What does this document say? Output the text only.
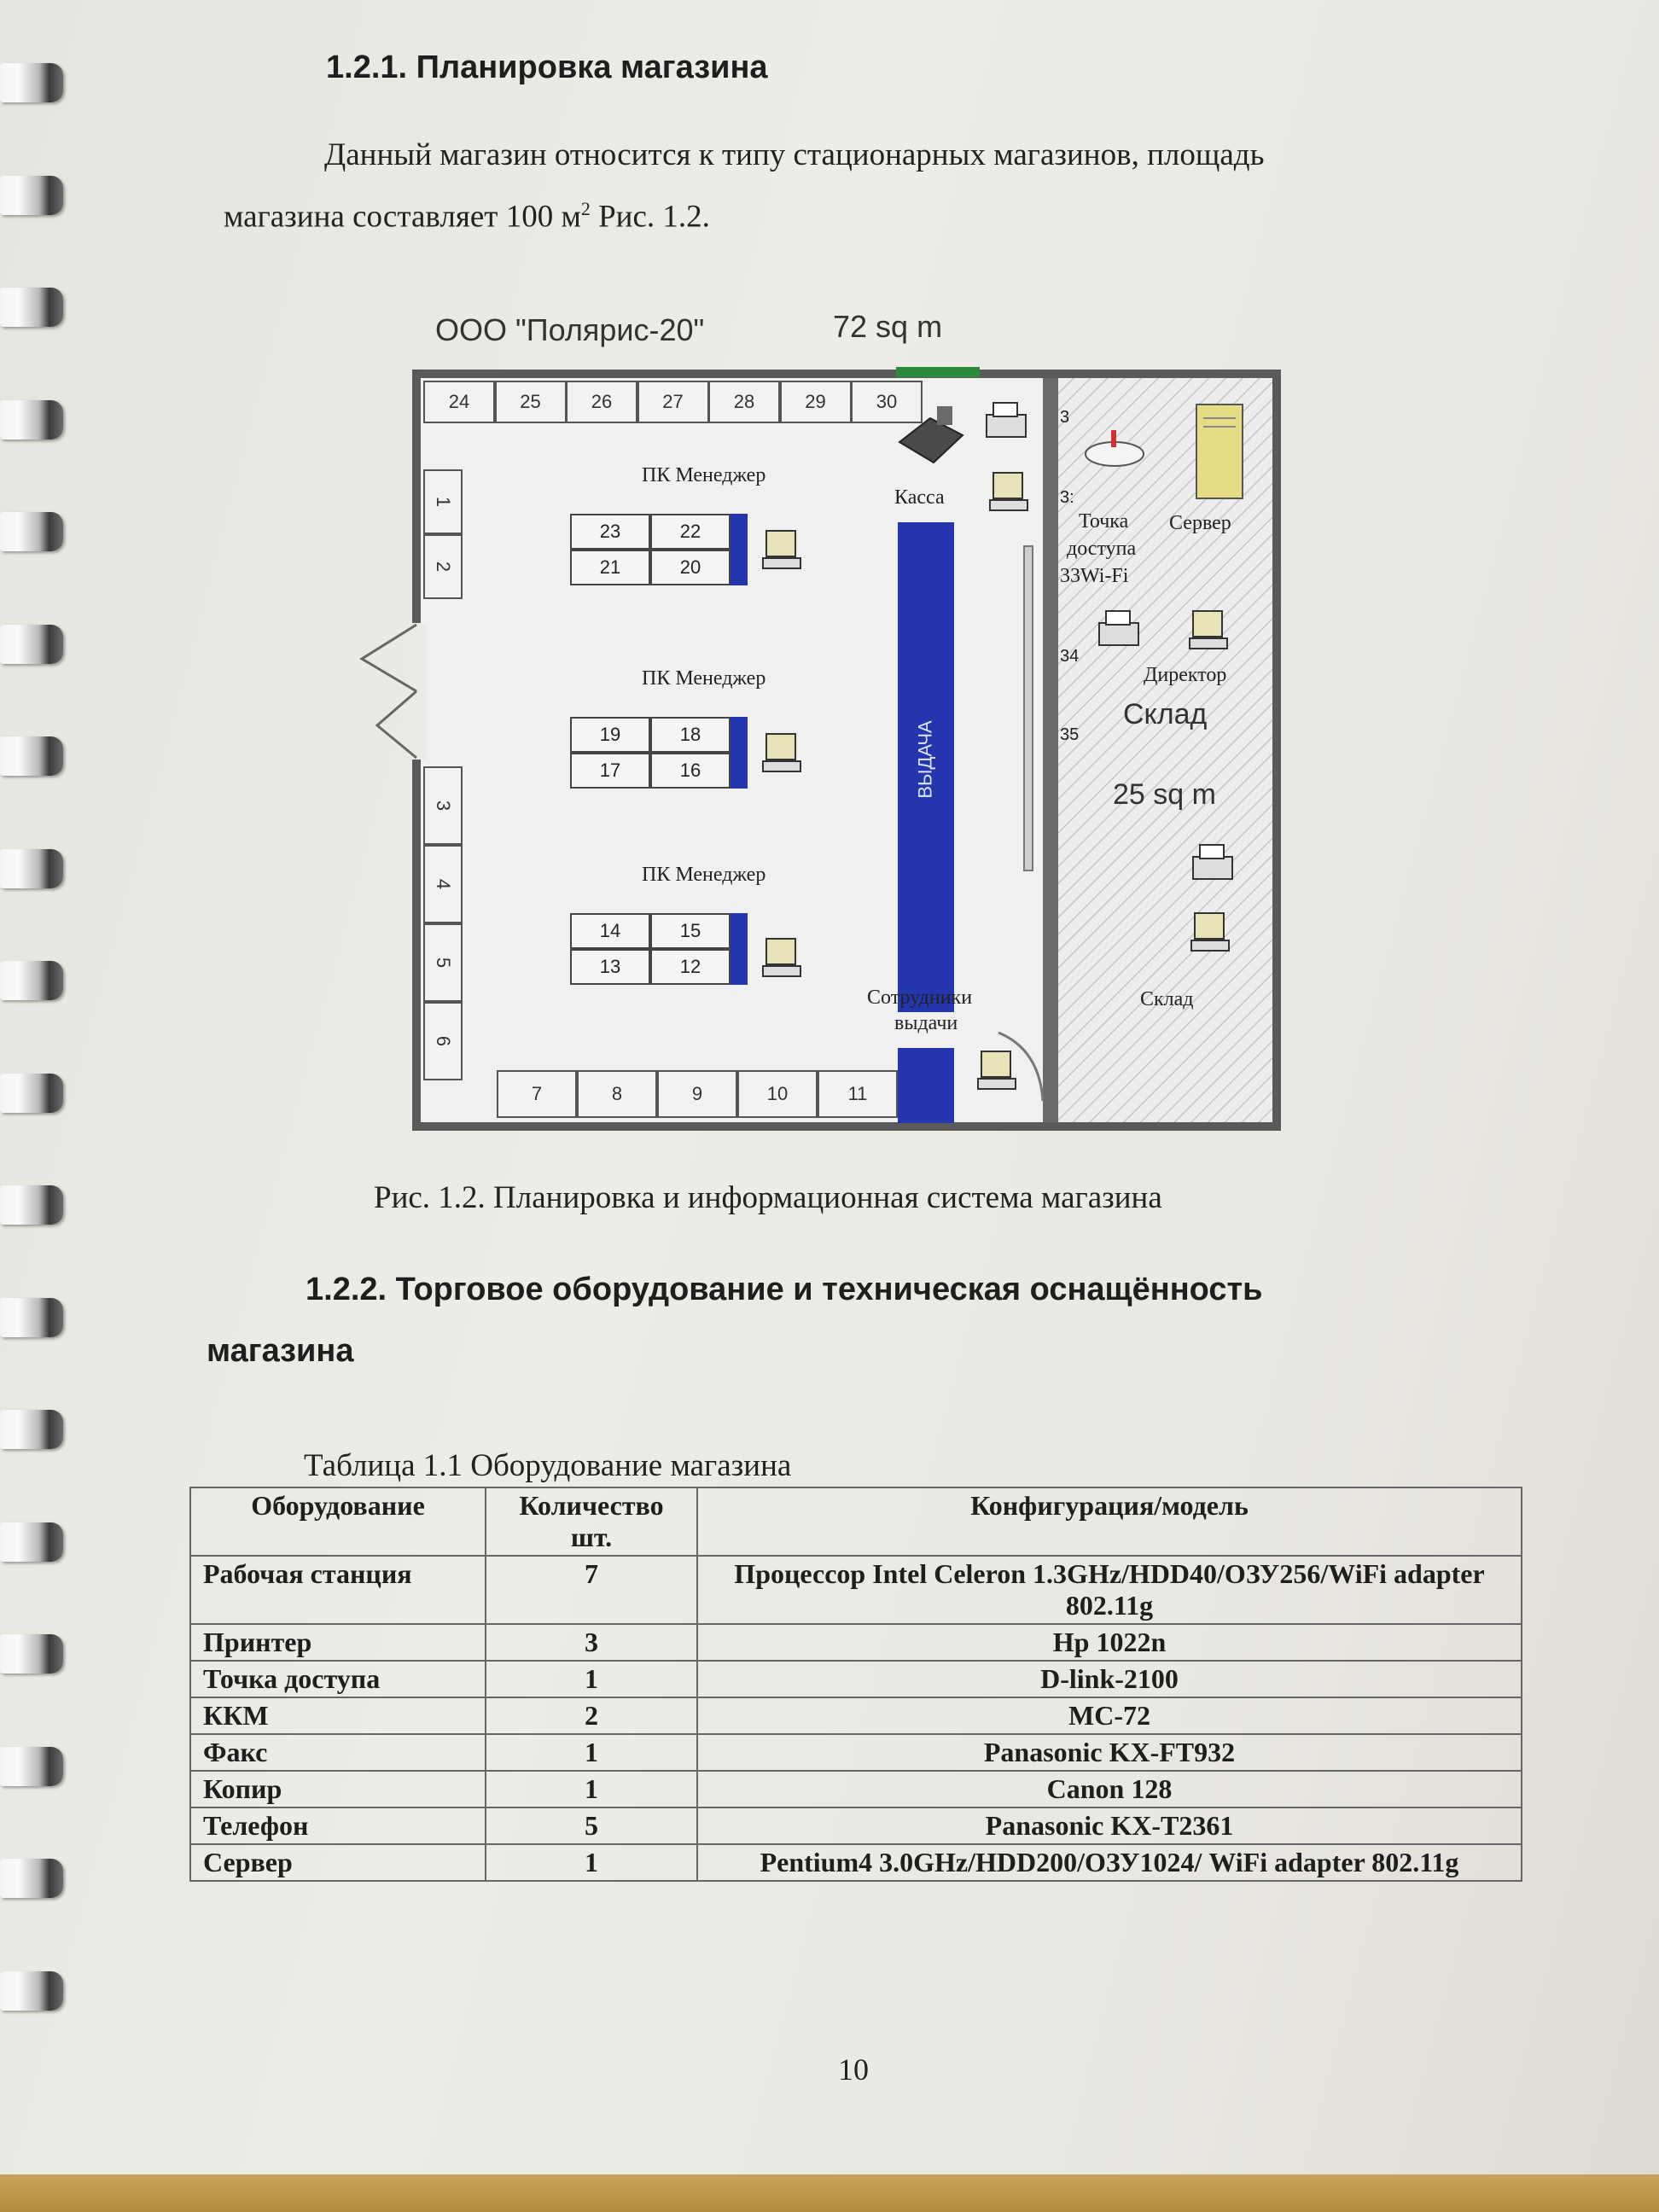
1.2.1. Планировка магазина
Данный магазин относится к типу стационарных магазинов, площадь
магазина составляет 100 $м^2$ Рис. 1.2.
ООО "Полярис-20"	72 sq m
24	25	26	27	28	29	30
1
2
3
4
5
6
7	8	9	10	11
ПК Менеджер
23	22
21	20
ПК Менеджер
19	18
17	16
ПК Менеджер
14	15
13	12
Касса
ВЫДАЧА
Сотрудники
выдачи
3
3:
34
35
Точка
доступа
33Wi-Fi
Сервер
Директор
Склад
25 sq m
Склад
Рис. 1.2. Планировка и информационная система магазина
1.2.2. Торговое оборудование и техническая оснащённость
магазина
Таблица 1.1 Оборудование магазина
Оборудование	Количество шт.	Конфигурация/модель
Рабочая станция	7	Процессор Intel Celeron 1.3GHz/HDD40/ОЗУ256/WiFi adapter 802.11g
Принтер	3	Hp 1022n
Точка доступа	1	D-link-2100
ККМ	2	МС-72
Факс	1	Panasonic KX-FT932
Копир	1	Canon 128
Телефон	5	Panasonic KX-T2361
Сервер	1	Pentium4 3.0GHz/HDD200/ОЗУ1024/ WiFi adapter 802.11g
10
